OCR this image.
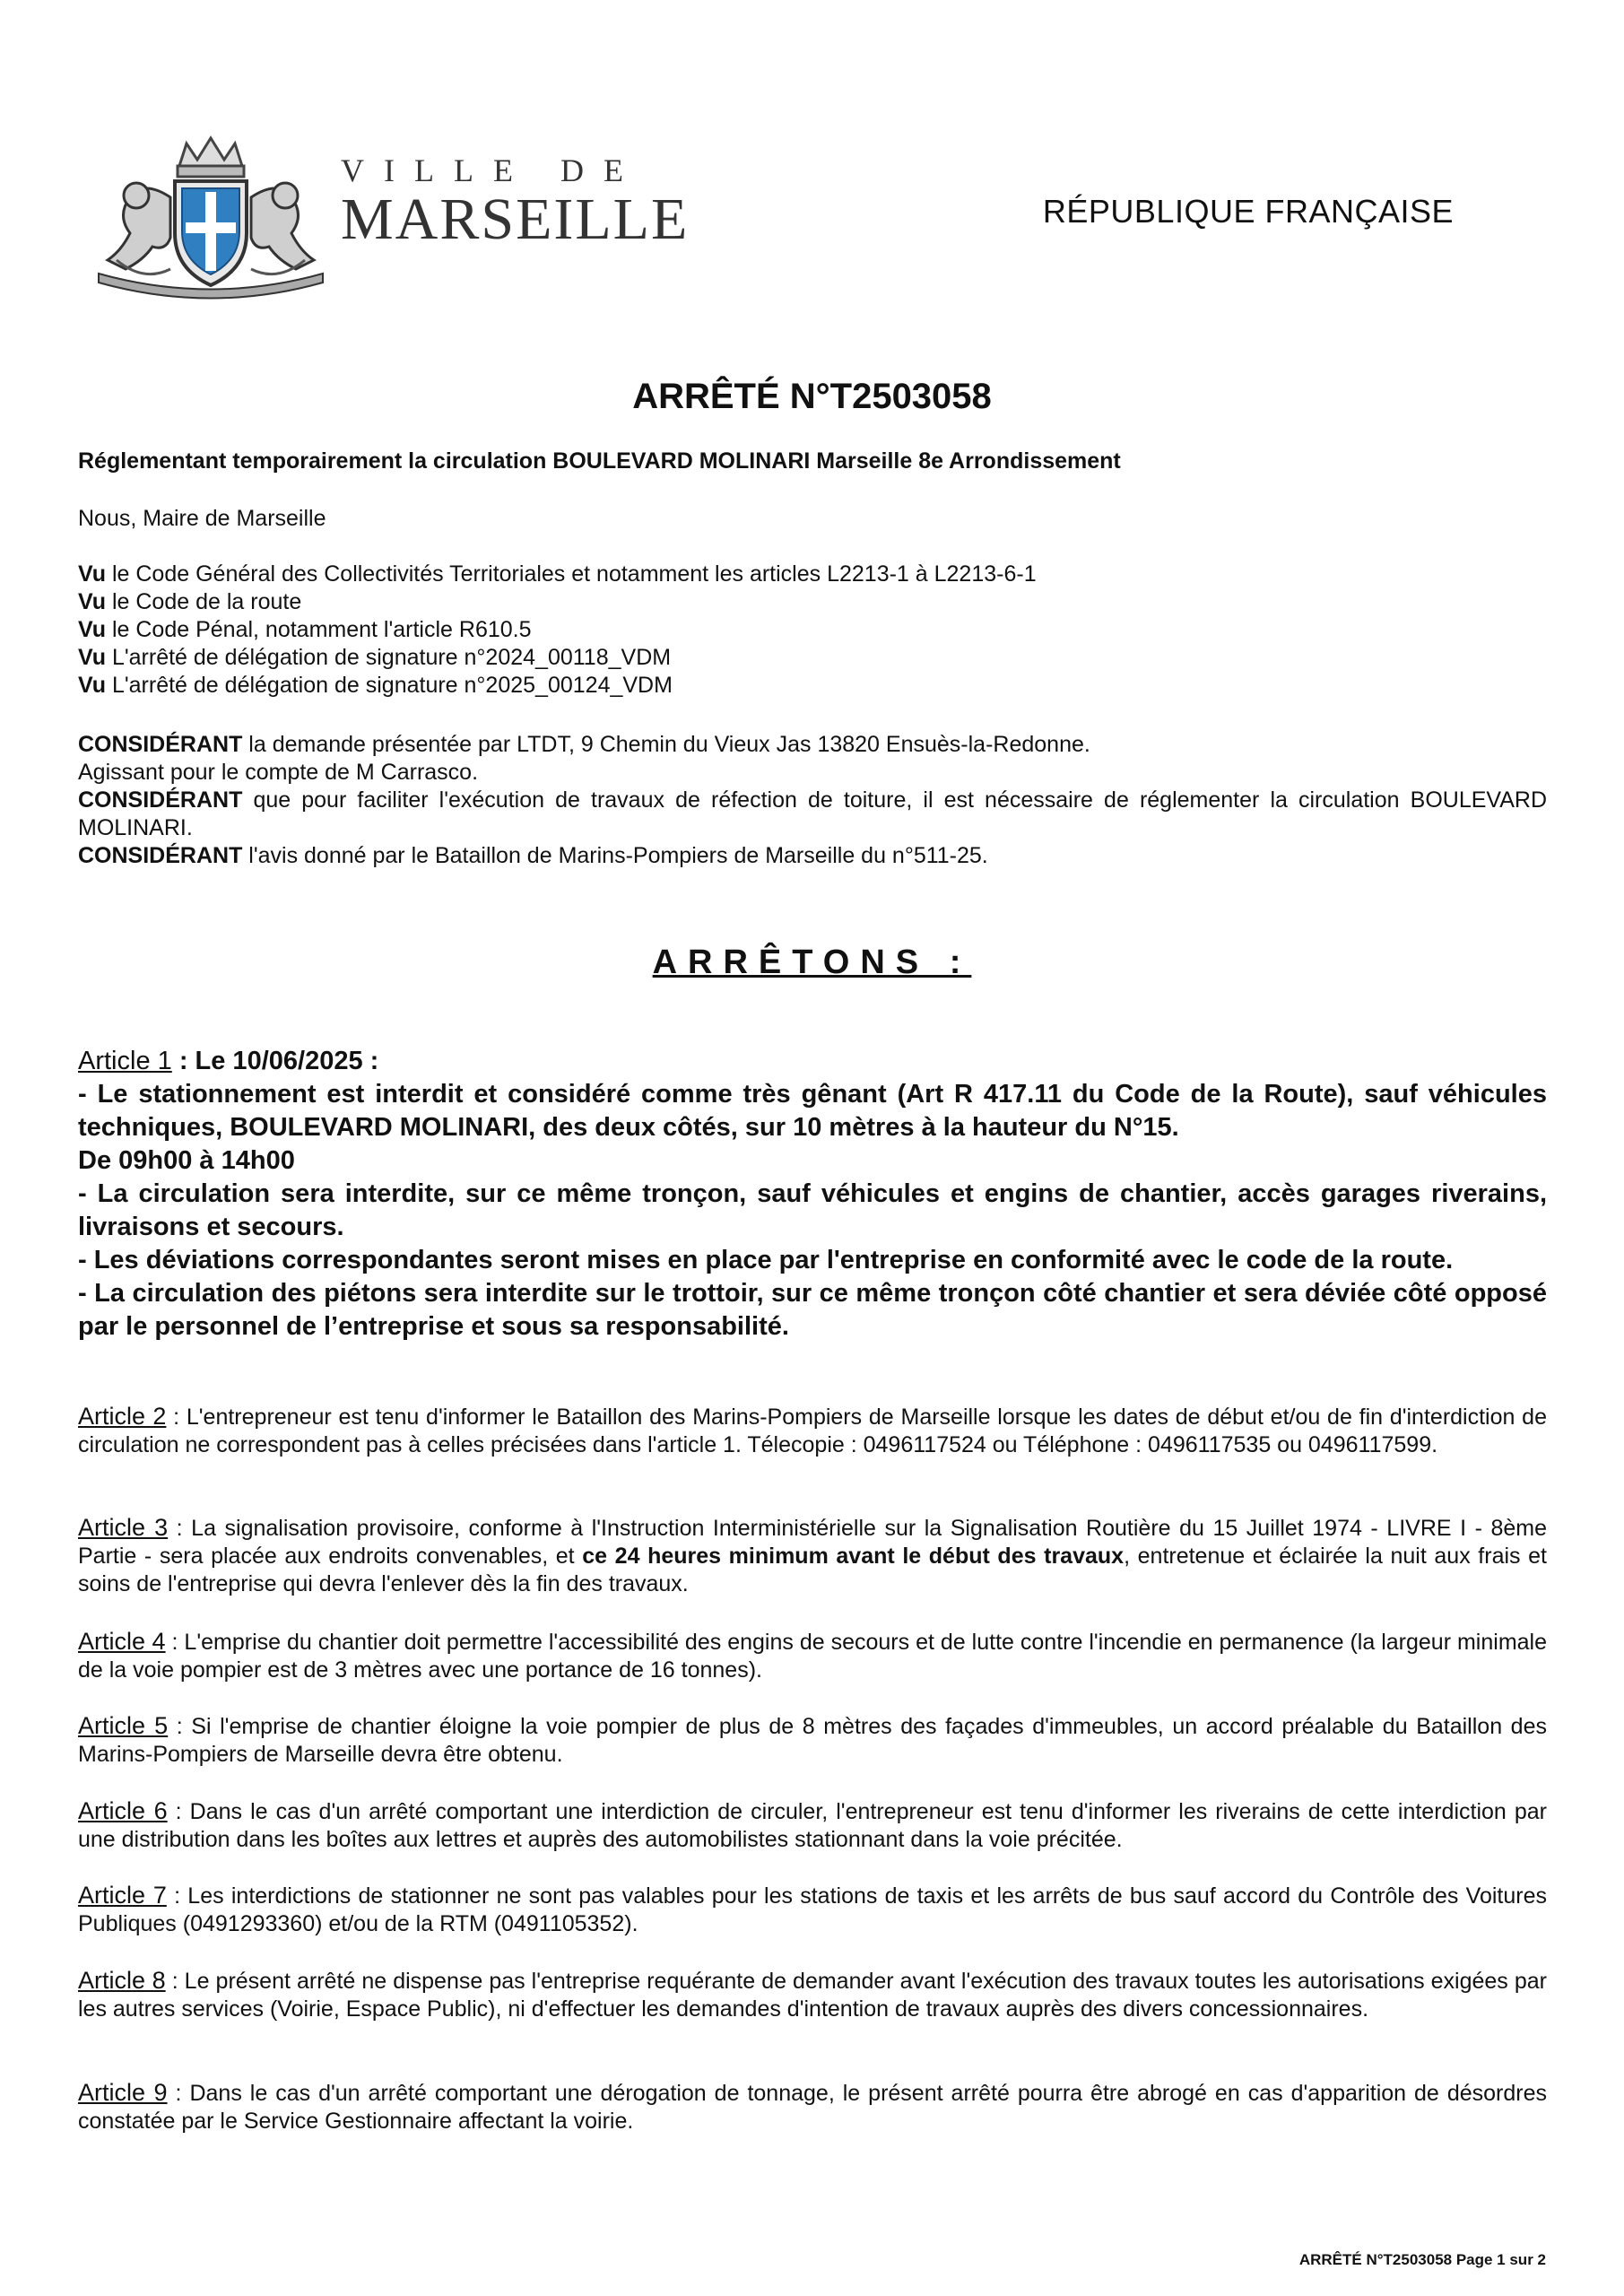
VILLE DE
MARSEILLE	RÉPUBLIQUE FRANÇAISE
ARRÊTÉ N°T2503058
Réglementant temporairement la circulation BOULEVARD MOLINARI Marseille 8e Arrondissement
Nous, Maire de Marseille
Vu le Code Général des Collectivités Territoriales et notamment les articles L2213-1 à L2213-6-1
Vu le Code de la route
Vu le Code Pénal, notamment l'article R610.5
Vu L'arrêté de délégation de signature n°2024_00118_VDM
Vu L'arrêté de délégation de signature n°2025_00124_VDM
CONSIDÉRANT la demande présentée par LTDT, 9 Chemin du Vieux Jas 13820 Ensuès-la-Redonne.
Agissant pour le compte de M Carrasco.
CONSIDÉRANT que pour faciliter l'exécution de travaux de réfection de toiture, il est nécessaire de réglementer la circulation BOULEVARD MOLINARI.
CONSIDÉRANT l'avis donné par le Bataillon de Marins-Pompiers de Marseille du n°511-25.
ARRÊTONS :
Article 1 : Le 10/06/2025 :
- Le stationnement est interdit et considéré comme très gênant (Art R 417.11 du Code de la Route), sauf véhicules techniques, BOULEVARD MOLINARI, des deux côtés, sur 10 mètres à la hauteur du N°15.
De 09h00 à 14h00
- La circulation sera interdite, sur ce même tronçon, sauf véhicules et engins de chantier, accès garages riverains, livraisons et secours.
- Les déviations correspondantes seront mises en place par l'entreprise en conformité avec le code de la route.
- La circulation des piétons sera interdite sur le trottoir, sur ce même tronçon côté chantier et sera déviée côté opposé par le personnel de l’entreprise et sous sa responsabilité.
Article 2 : L'entrepreneur est tenu d'informer le Bataillon des Marins-Pompiers de Marseille lorsque les dates de début et/ou de fin d'interdiction de circulation ne correspondent pas à celles précisées dans l'article 1. Télecopie : 0496117524 ou Téléphone : 0496117535 ou 0496117599.
Article 3 : La signalisation provisoire, conforme à l'Instruction Interministérielle sur la Signalisation Routière du 15 Juillet 1974 - LIVRE I - 8ème Partie - sera placée aux endroits convenables, et ce 24 heures minimum avant le début des travaux, entretenue et éclairée la nuit aux frais et soins de l'entreprise qui devra l'enlever dès la fin des travaux.
Article 4 : L'emprise du chantier doit permettre l'accessibilité des engins de secours et de lutte contre l'incendie en permanence (la largeur minimale de la voie pompier est de 3 mètres avec une portance de 16 tonnes).
Article 5 : Si l'emprise de chantier éloigne la voie pompier de plus de 8 mètres des façades d'immeubles, un accord préalable du Bataillon des Marins-Pompiers de Marseille devra être obtenu.
Article 6 : Dans le cas d'un arrêté comportant une interdiction de circuler, l'entrepreneur est tenu d'informer les riverains de cette interdiction par une distribution dans les boîtes aux lettres et auprès des automobilistes stationnant dans la voie précitée.
Article 7 : Les interdictions de stationner ne sont pas valables pour les stations de taxis et les arrêts de bus sauf accord du Contrôle des Voitures Publiques (0491293360) et/ou de la RTM (0491105352).
Article 8 : Le présent arrêté ne dispense pas l'entreprise requérante de demander avant l'exécution des travaux toutes les autorisations exigées par les autres services (Voirie, Espace Public), ni d'effectuer les demandes d'intention de travaux auprès des divers concessionnaires.
Article 9 : Dans le cas d'un arrêté comportant une dérogation de tonnage, le présent arrêté pourra être abrogé en cas d'apparition de désordres constatée par le Service Gestionnaire affectant la voirie.
ARRÊTÉ N°T2503058 Page 1 sur 2
